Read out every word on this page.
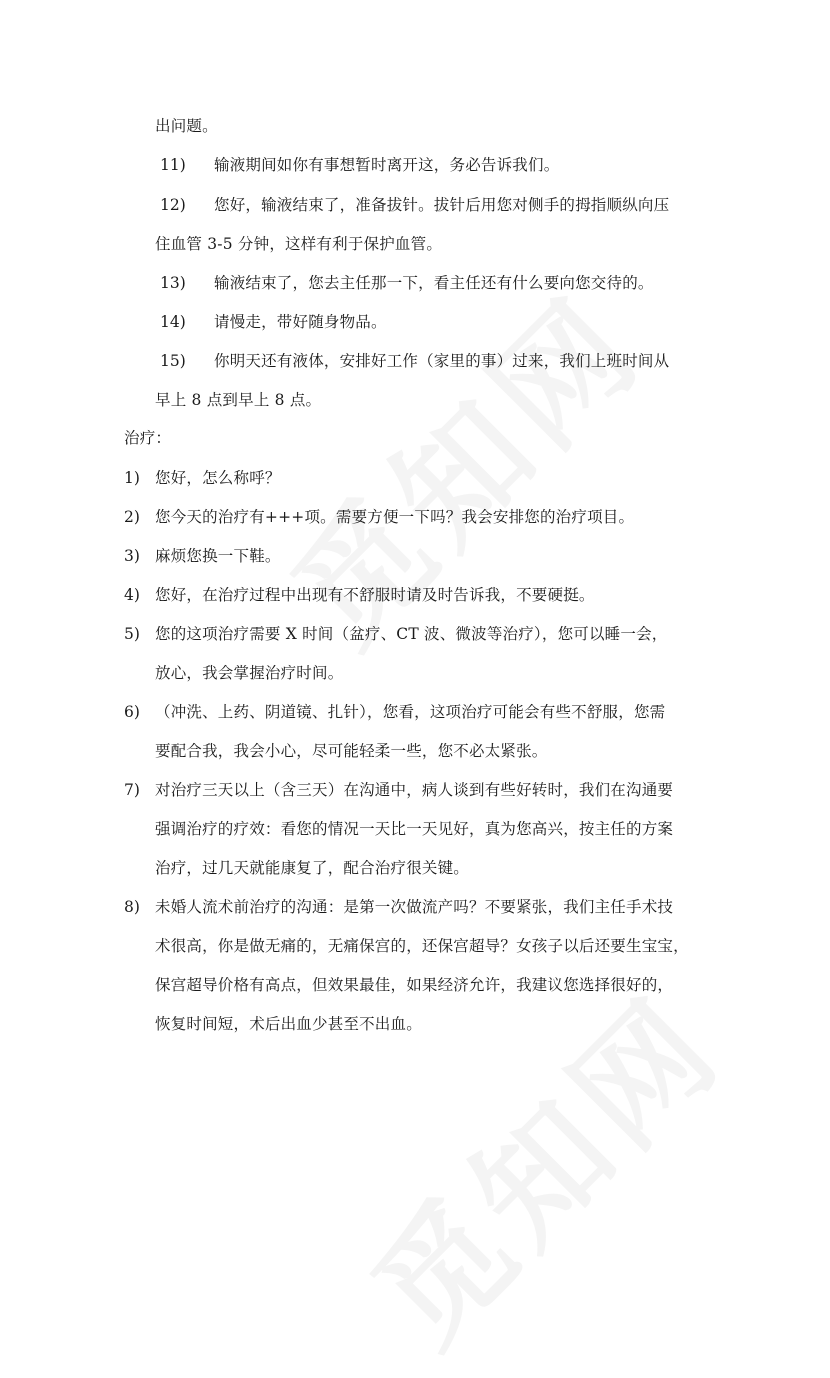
出问题。
11) 输液期间如你有事想暂时离开这，务必告诉我们。
12) 您好，输液结束了，准备拔针。拔针后用您对侧手的拇指顺纵向压
住血管 3-5 分钟，这样有利于保护血管。
13) 输液结束了，您去主任那一下，看主任还有什么要向您交待的。
14) 请慢走，带好随身物品。
15) 你明天还有液体，安排好工作（家里的事）过来，我们上班时间从
早上 8 点到早上 8 点。
治疗：
1) 您好，怎么称呼？
2) 您今天的治疗有+++项。需要方便一下吗？我会安排您的治疗项目。
3) 麻烦您换一下鞋。
4) 您好，在治疗过程中出现有不舒服时请及时告诉我，不要硬挺。
5) 您的这项治疗需要 X 时间（盆疗、CT 波、微波等治疗），您可以睡一会，
放心，我会掌握治疗时间。
6) （冲洗、上药、阴道镜、扎针），您看，这项治疗可能会有些不舒服，您需
要配合我，我会小心，尽可能轻柔一些，您不必太紧张。
7) 对治疗三天以上（含三天）在沟通中，病人谈到有些好转时，我们在沟通要
强调治疗的疗效：看您的情况一天比一天见好，真为您高兴，按主任的方案
治疗，过几天就能康复了，配合治疗很关键。
8) 未婚人流术前治疗的沟通：是第一次做流产吗？不要紧张，我们主任手术技
术很高，你是做无痛的，无痛保宫的，还保宫超导？女孩子以后还要生宝宝，
保宫超导价格有高点，但效果最佳，如果经济允许，我建议您选择很好的，
恢复时间短，术后出血少甚至不出血。
